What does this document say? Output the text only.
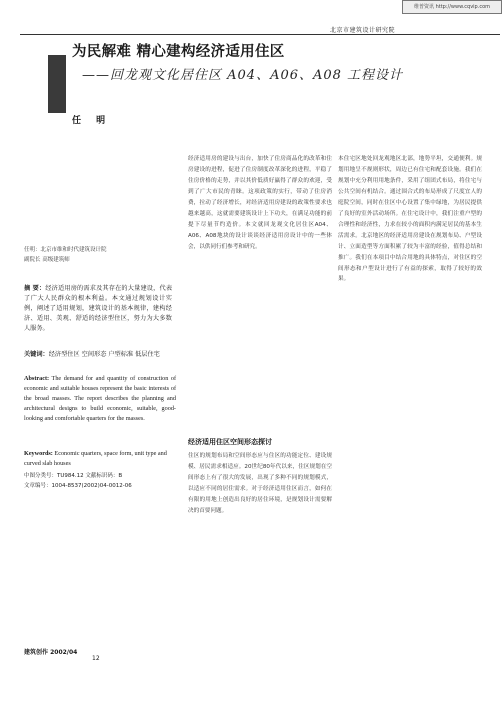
维普资讯 http://www.cqvip.com
北京市建筑设计研究院
为民解难 精心建构经济适用住区
——回龙观文化居住区 A04、A06、A08 工程设计
任 明
任明：北京市维和时代建筑设计院
副院长 高级建筑师
摘 要：经济适用房的需求及其存在的大量建设，代表了广大人民群众的根本利益。本文通过规划设计实例，阐述了适用规划，建筑设计的基本规律，建构经济、适用、美观、舒适的经济型住区，努力为大多数人服务。
关键词：经济型住区 空间形态 户型标准 低层住宅
Abstract: The demand for and quantity of construction of economic and suitable houses represent the basic interests of the broad masses. The report describes the planning and architectural designs to build economic, suitable, good-looking and comfortable quarters for the masses.
Keywords: Economic quarters, space form, unit type and curved slab houses
中图分类号：TU984.12 文献标识码：B
文章编号：1004-8537(2002)04-0012-06
经济适用房的建设与出台，加快了住房商品化的改革和住房建设的进程，促进了住房制度改革深化的进程，平稳了住房价格的走势，并以其价低质好赢得了群众的欢迎，受到了广大市民的青睐。这项政策的实行，带动了住房消费，拉动了经济增长，对经济适用房建设的政策性要求也越来越高，这就需要建筑设计上下功夫，在满足功能的前提下尽量节约造价。本文就回龙观文化居住区A04、A06、A08地块的设计谈谈经济适用房设计中的一些体会，以供同行们参考和研究。
经济适用住区空间形态探讨
住区的规划布局和空间形态应与住区的功能定位、建设规模、居民需求相适应。20世纪80年代以来，住区规划在空间形态上有了很大的发展，出现了多种不同的规划模式，以适应不同的居住需求。对于经济适用住区而言，如何在有限的用地上创造出良好的居住环境，是规划设计需要解决的首要问题。
本住宅区地处回龙观地区北部，地势平坦，交通便利。规划用地呈不规则形状，周边已有住宅和配套设施。我们在规划中充分利用用地条件，采用了组团式布局，将住宅与公共空间有机结合。通过围合式的布局形成了尺度宜人的庭院空间，同时在住区中心设置了集中绿地，为居民提供了良好的室外活动场所。在住宅设计中，我们注重户型的合理性和经济性，力求在较小的面积内满足居民的基本生活需求。北京地区的经济适用房建设在规划布局、户型设计、立面造型等方面积累了较为丰富的经验，值得总结和推广。我们在本项目中结合用地的具体特点，对住区的空间形态和户型设计进行了有益的探索，取得了较好的效果。
建筑创作 2002/04
12
